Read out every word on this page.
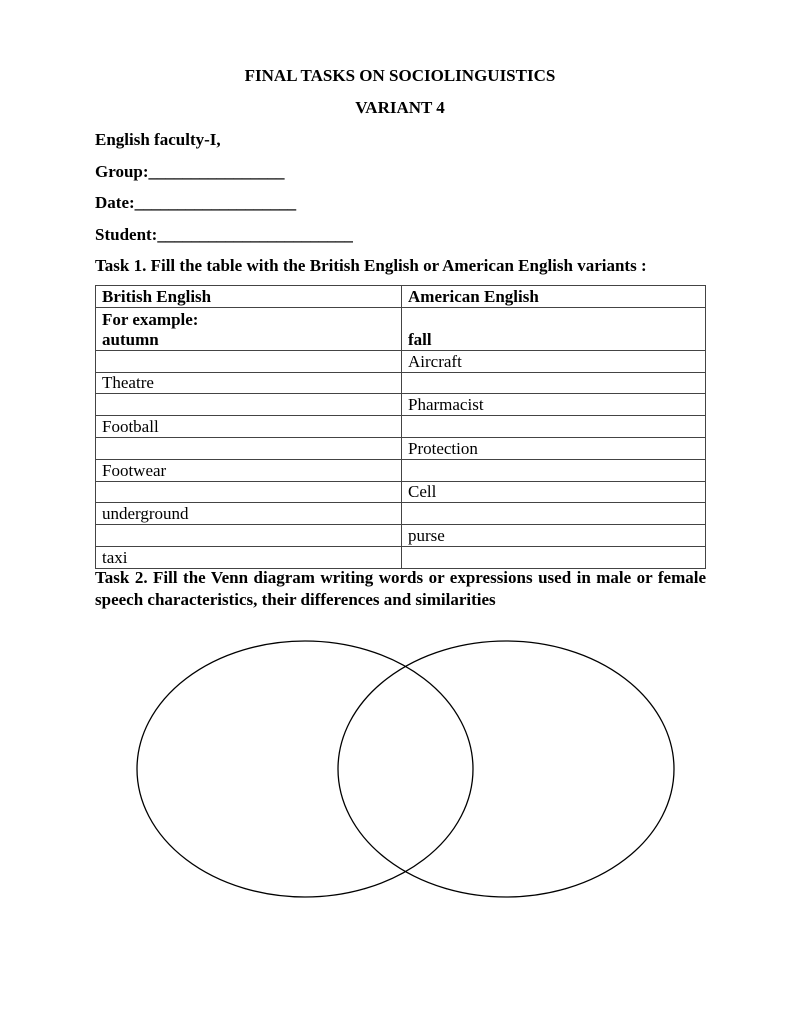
FINAL TASKS ON SOCIOLINGUISTICS
VARIANT 4
English faculty-I,
Group:________________
Date:___________________
Student:_______________________
Task 1. Fill the table with the British English or American English variants :
British English	American English

For example:
autumn	fall
	Aircraft
Theatre	
	Pharmacist
Football	
	Protection
Footwear	
	Cell
underground	
	purse
taxi	
Task 2. Fill the Venn diagram writing words or expressions used in male or female speech characteristics, their differences and similarities
